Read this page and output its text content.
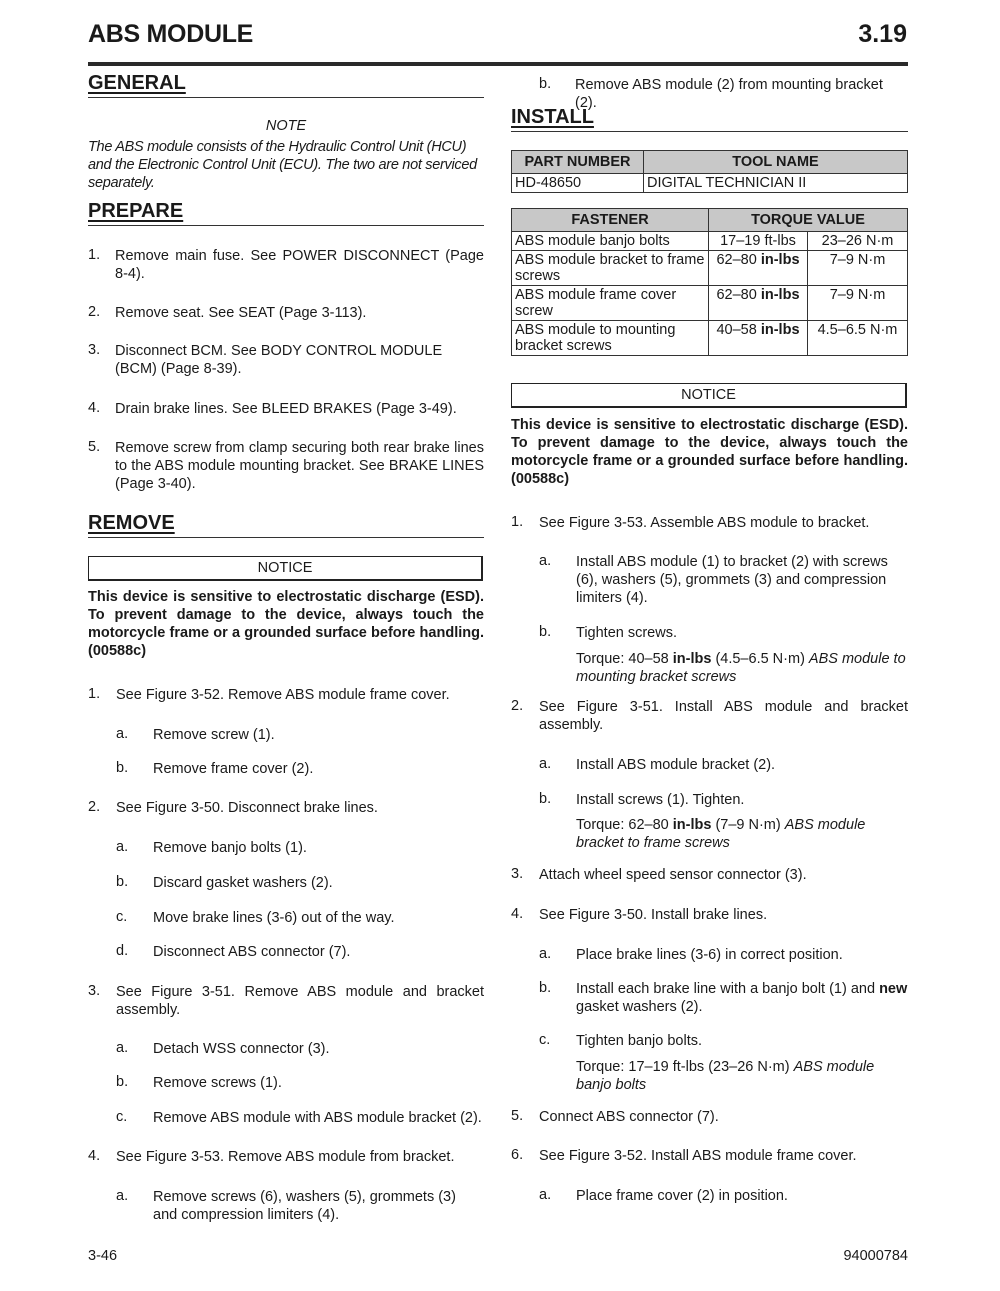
ABS MODULE	3.19
GENERAL
NOTE
The ABS module consists of the Hydraulic Control Unit (HCU) and the Electronic Control Unit (ECU). The two are not serviced separately.
PREPARE
1. Remove main fuse. See POWER DISCONNECT (Page 8-4).
2. Remove seat. See SEAT (Page 3-113).
3. Disconnect BCM. See BODY CONTROL MODULE (BCM) (Page 8-39).
4. Drain brake lines. See BLEED BRAKES (Page 3-49).
5. Remove screw from clamp securing both rear brake lines to the ABS module mounting bracket. See BRAKE LINES (Page 3-40).
REMOVE
NOTICE
This device is sensitive to electrostatic discharge (ESD). To prevent damage to the device, always touch the motorcycle frame or a grounded surface before handling. (00588c)
1. See Figure 3-52. Remove ABS module frame cover.
a. Remove screw (1).
b. Remove frame cover (2).
2. See Figure 3-50. Disconnect brake lines.
a. Remove banjo bolts (1).
b. Discard gasket washers (2).
c. Move brake lines (3-6) out of the way.
d. Disconnect ABS connector (7).
3. See Figure 3-51. Remove ABS module and bracket assembly.
a. Detach WSS connector (3).
b. Remove screws (1).
c. Remove ABS module with ABS module bracket (2).
4. See Figure 3-53. Remove ABS module from bracket.
a. Remove screws (6), washers (5), grommets (3) and compression limiters (4).
b. Remove ABS module (2) from mounting bracket (2).
INSTALL
PART NUMBER	TOOL NAME
HD-48650	DIGITAL TECHNICIAN II
FASTENER	TORQUE VALUE	
ABS module banjo bolts	17–19 ft-lbs	23–26 N·m
ABS module bracket to frame screws	62–80 in-lbs	7–9 N·m
ABS module frame cover screw	62–80 in-lbs	7–9 N·m
ABS module to mounting bracket screws	40–58 in-lbs	4.5–6.5 N·m
NOTICE
This device is sensitive to electrostatic discharge (ESD). To prevent damage to the device, always touch the motorcycle frame or a grounded surface before handling. (00588c)
1. See Figure 3-53. Assemble ABS module to bracket.
a. Install ABS module (1) to bracket (2) with screws (6), washers (5), grommets (3) and compression limiters (4).
b. Tighten screws.
Torque: 40–58 in-lbs (4.5–6.5 N·m) ABS module to mounting bracket screws
2. See Figure 3-51. Install ABS module and bracket assembly.
a. Install ABS module bracket (2).
b. Install screws (1). Tighten.
Torque: 62–80 in-lbs (7–9 N·m) ABS module bracket to frame screws
3. Attach wheel speed sensor connector (3).
4. See Figure 3-50. Install brake lines.
a. Place brake lines (3-6) in correct position.
b. Install each brake line with a banjo bolt (1) and new gasket washers (2).
c. Tighten banjo bolts.
Torque: 17–19 ft-lbs (23–26 N·m) ABS module banjo bolts
5. Connect ABS connector (7).
6. See Figure 3-52. Install ABS module frame cover.
a. Place frame cover (2) in position.
3-46	94000784
